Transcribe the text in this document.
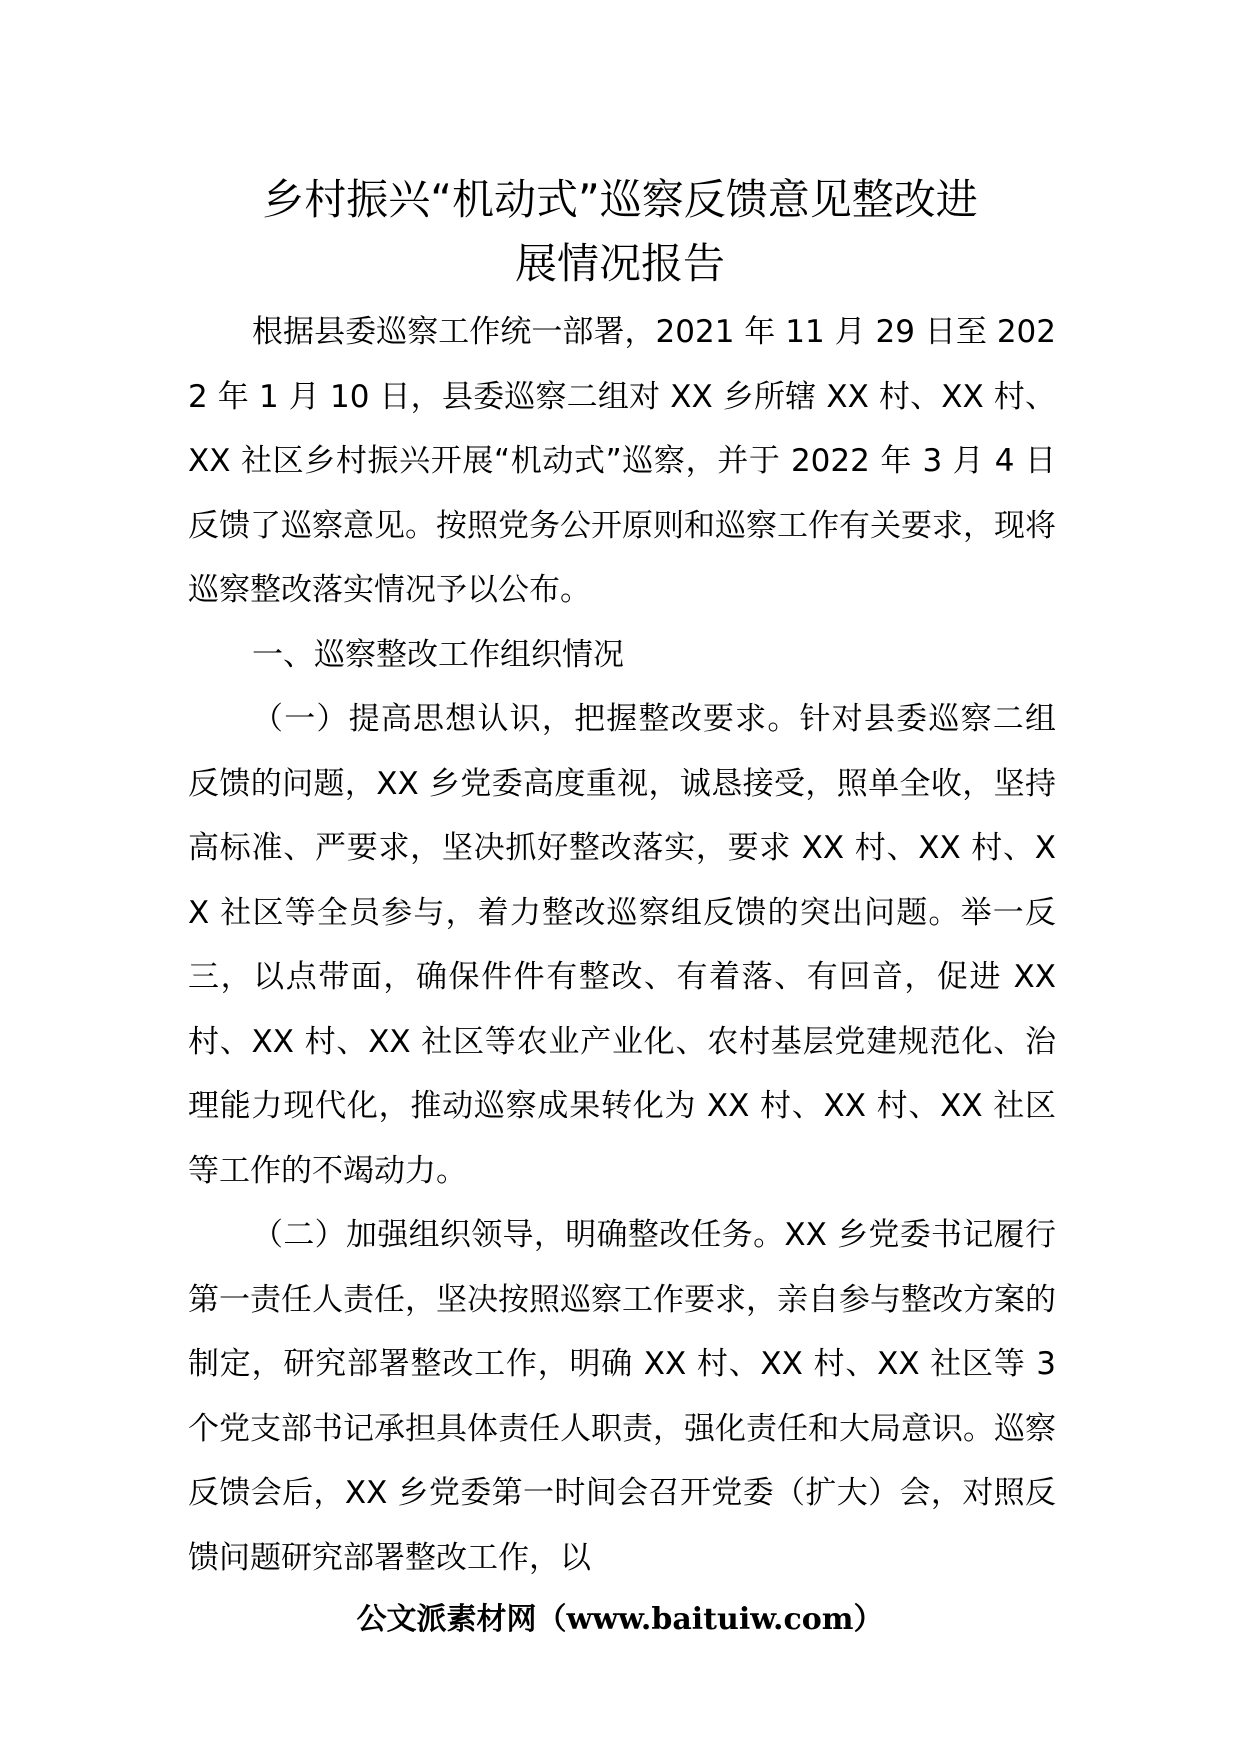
乡村振兴“机动式”巡察反馈意见整改进
展情况报告

根据县委巡察工作统一部署，2021 年 11 月 29 日至 2022 年 1 月 10 日，县委巡察二组对 XX 乡所辖 XX 村、XX 村、XX 社区乡村振兴开展“机动式”巡察，并于 2022 年 3 月 4 日反馈了巡察意见。按照党务公开原则和巡察工作有关要求，现将巡察整改落实情况予以公布。

一、巡察整改工作组织情况

（一）提高思想认识，把握整改要求。针对县委巡察二组反馈的问题，XX 乡党委高度重视，诚恳接受，照单全收，坚持高标准、严要求，坚决抓好整改落实，要求 XX 村、XX 村、XX 社区等全员参与，着力整改巡察组反馈的突出问题。举一反三，以点带面，确保件件有整改、有着落、有回音，促进 XX 村、XX 村、XX 社区等农业产业化、农村基层党建规范化、治理能力现代化，推动巡察成果转化为 XX 村、XX 村、XX 社区等工作的不竭动力。

（二）加强组织领导，明确整改任务。XX 乡党委书记履行第一责任人责任，坚决按照巡察工作要求，亲自参与整改方案的制定，研究部署整改工作，明确 XX 村、XX 村、XX 社区等 3 个党支部书记承担具体责任人职责，强化责任和大局意识。巡察反馈会后，XX 乡党委第一时间会召开党委（扩大）会，对照反馈问题研究部署整改工作，以

公文派素材网（www.baituiw.com）
